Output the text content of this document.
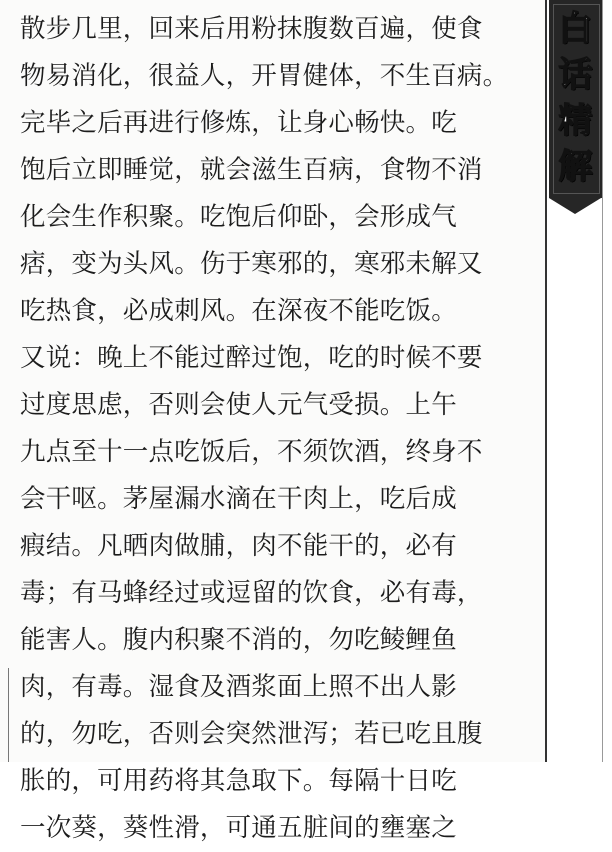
散步几里，回来后用粉抹腹数百遍，使食
物易消化，很益人，开胃健体，不生百病。
完毕之后再进行修炼，让身心畅快。吃
饱后立即睡觉，就会滋生百病，食物不消
化会生作积聚。吃饱后仰卧，会形成气
痞，变为头风。伤于寒邪的，寒邪未解又
吃热食，必成刺风。在深夜不能吃饭。
又说：晚上不能过醉过饱，吃的时候不要
过度思虑，否则会使人元气受损。上午
九点至十一点吃饭后，不须饮酒，终身不
会干呕。茅屋漏水滴在干肉上，吃后成
瘕结。凡晒肉做脯，肉不能干的，必有
毒；有马蜂经过或逗留的饮食，必有毒，
能害人。腹内积聚不消的，勿吃鲮鲤鱼
肉，有毒。湿食及酒浆面上照不出人影
的，勿吃，否则会突然泄泻；若已吃且腹
胀的，可用药将其急取下。每隔十日吃
一次葵，葵性滑，可通五脏间的壅塞之
白
话
精
解
